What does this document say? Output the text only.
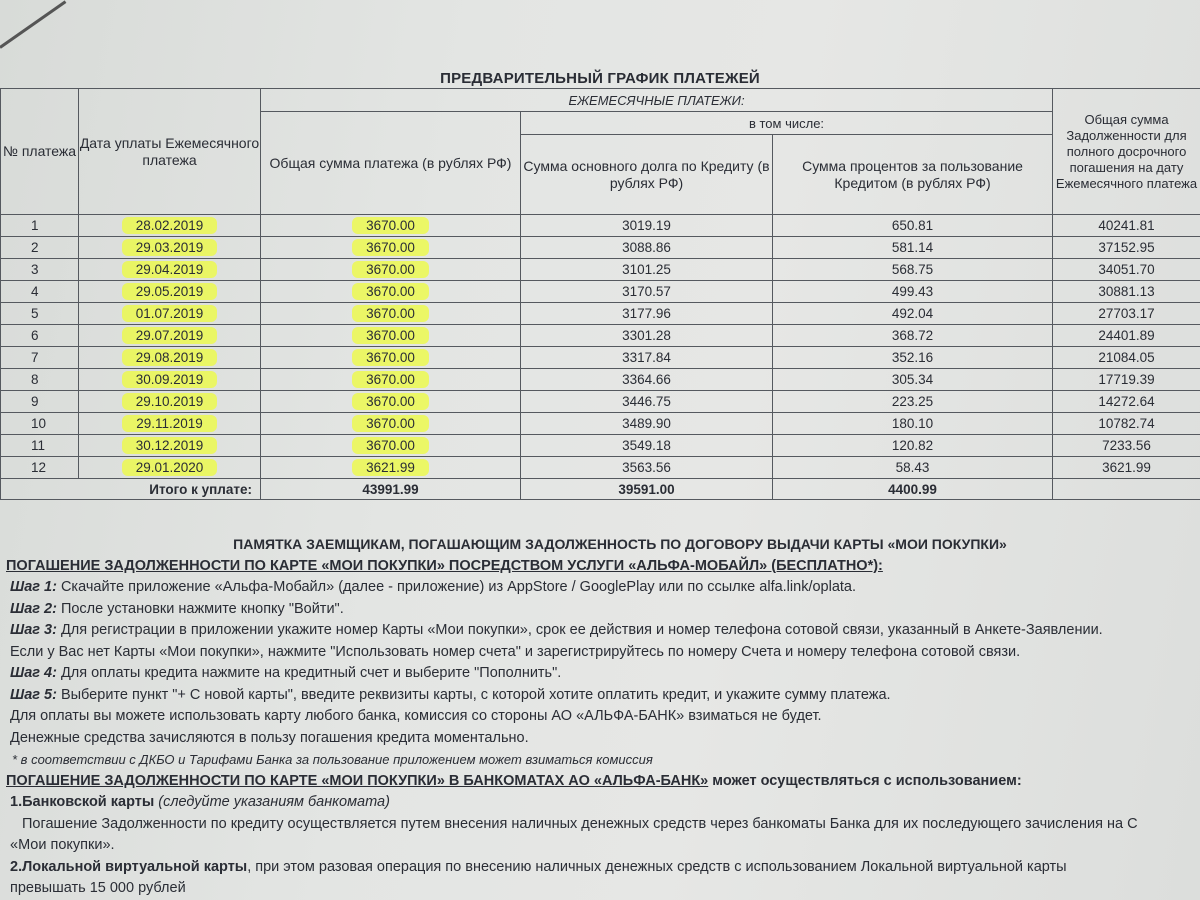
ПРЕДВАРИТЕЛЬНЫЙ ГРАФИК ПЛАТЕЖЕЙ
№ платежа	Дата уплаты Ежемесячного платежа	ЕЖЕМЕСЯЧНЫЕ ПЛАТЕЖИ:			Общая сумма Задолженности для полного досрочного погашения на дату Ежемесячного платежа
		Общая сумма платежа (в рублях РФ)	в том числе:		
			Сумма основного долга по Кредиту (в рублях РФ)	Сумма процентов за пользование Кредитом (в рублях РФ)	
1	28.02.2019	3670.00	3019.19	650.81	40241.81
2	29.03.2019	3670.00	3088.86	581.14	37152.95
3	29.04.2019	3670.00	3101.25	568.75	34051.70
4	29.05.2019	3670.00	3170.57	499.43	30881.13
5	01.07.2019	3670.00	3177.96	492.04	27703.17
6	29.07.2019	3670.00	3301.28	368.72	24401.89
7	29.08.2019	3670.00	3317.84	352.16	21084.05
8	30.09.2019	3670.00	3364.66	305.34	17719.39
9	29.10.2019	3670.00	3446.75	223.25	14272.64
10	29.11.2019	3670.00	3489.90	180.10	10782.74
11	30.12.2019	3670.00	3549.18	120.82	7233.56
12	29.01.2020	3621.99	3563.56	58.43	3621.99
Итого к уплате:		43991.99	39591.00	4400.99	
ПАМЯТКА ЗАЕМЩИКАМ, ПОГАШАЮЩИМ ЗАДОЛЖЕННОСТЬ ПО ДОГОВОРУ ВЫДАЧИ КАРТЫ «МОИ ПОКУПКИ»
ПОГАШЕНИЕ ЗАДОЛЖЕННОСТИ ПО КАРТЕ «МОИ ПОКУПКИ» ПОСРЕДСТВОМ УСЛУГИ «АЛЬФА-МОБАЙЛ» (БЕСПЛАТНО*):
Шаг 1: Скачайте приложение «Альфа-Мобайл» (далее - приложение) из AppStore / GooglePlay или по ссылке alfa.link/oplata.
Шаг 2: После установки нажмите кнопку "Войти".
Шаг 3: Для регистрации в приложении укажите номер Карты «Мои покупки», срок ее действия и номер телефона сотовой связи, указанный в Анкете-Заявлении.
Если у Вас нет Карты «Мои покупки», нажмите "Использовать номер счета" и зарегистрируйтесь по номеру Счета и номеру телефона сотовой связи.
Шаг 4: Для оплаты кредита нажмите на кредитный счет и выберите "Пополнить".
Шаг 5: Выберите пункт "+ С новой карты", введите реквизиты карты, с которой хотите оплатить кредит, и укажите сумму платежа.
Для оплаты вы можете использовать карту любого банка, комиссия со стороны АО «АЛЬФА-БАНК» взиматься не будет.
Денежные средства зачисляются в пользу погашения кредита моментально.
* в соответствии с ДКБО и Тарифами Банка за пользование приложением может взиматься комиссия
ПОГАШЕНИЕ ЗАДОЛЖЕННОСТИ ПО КАРТЕ «МОИ ПОКУПКИ» В БАНКОМАТАХ АО «АЛЬФА-БАНК» может осуществляться с использованием:
1.Банковской карты (следуйте указаниям банкомата)
Погашение Задолженности по кредиту осуществляется путем внесения наличных денежных средств через банкоматы Банка для их последующего зачисления на С
«Мои покупки».
2.Локальной виртуальной карты, при этом разовая операция по внесению наличных денежных средств с использованием Локальной виртуальной карты
превышать 15 000 рублей
